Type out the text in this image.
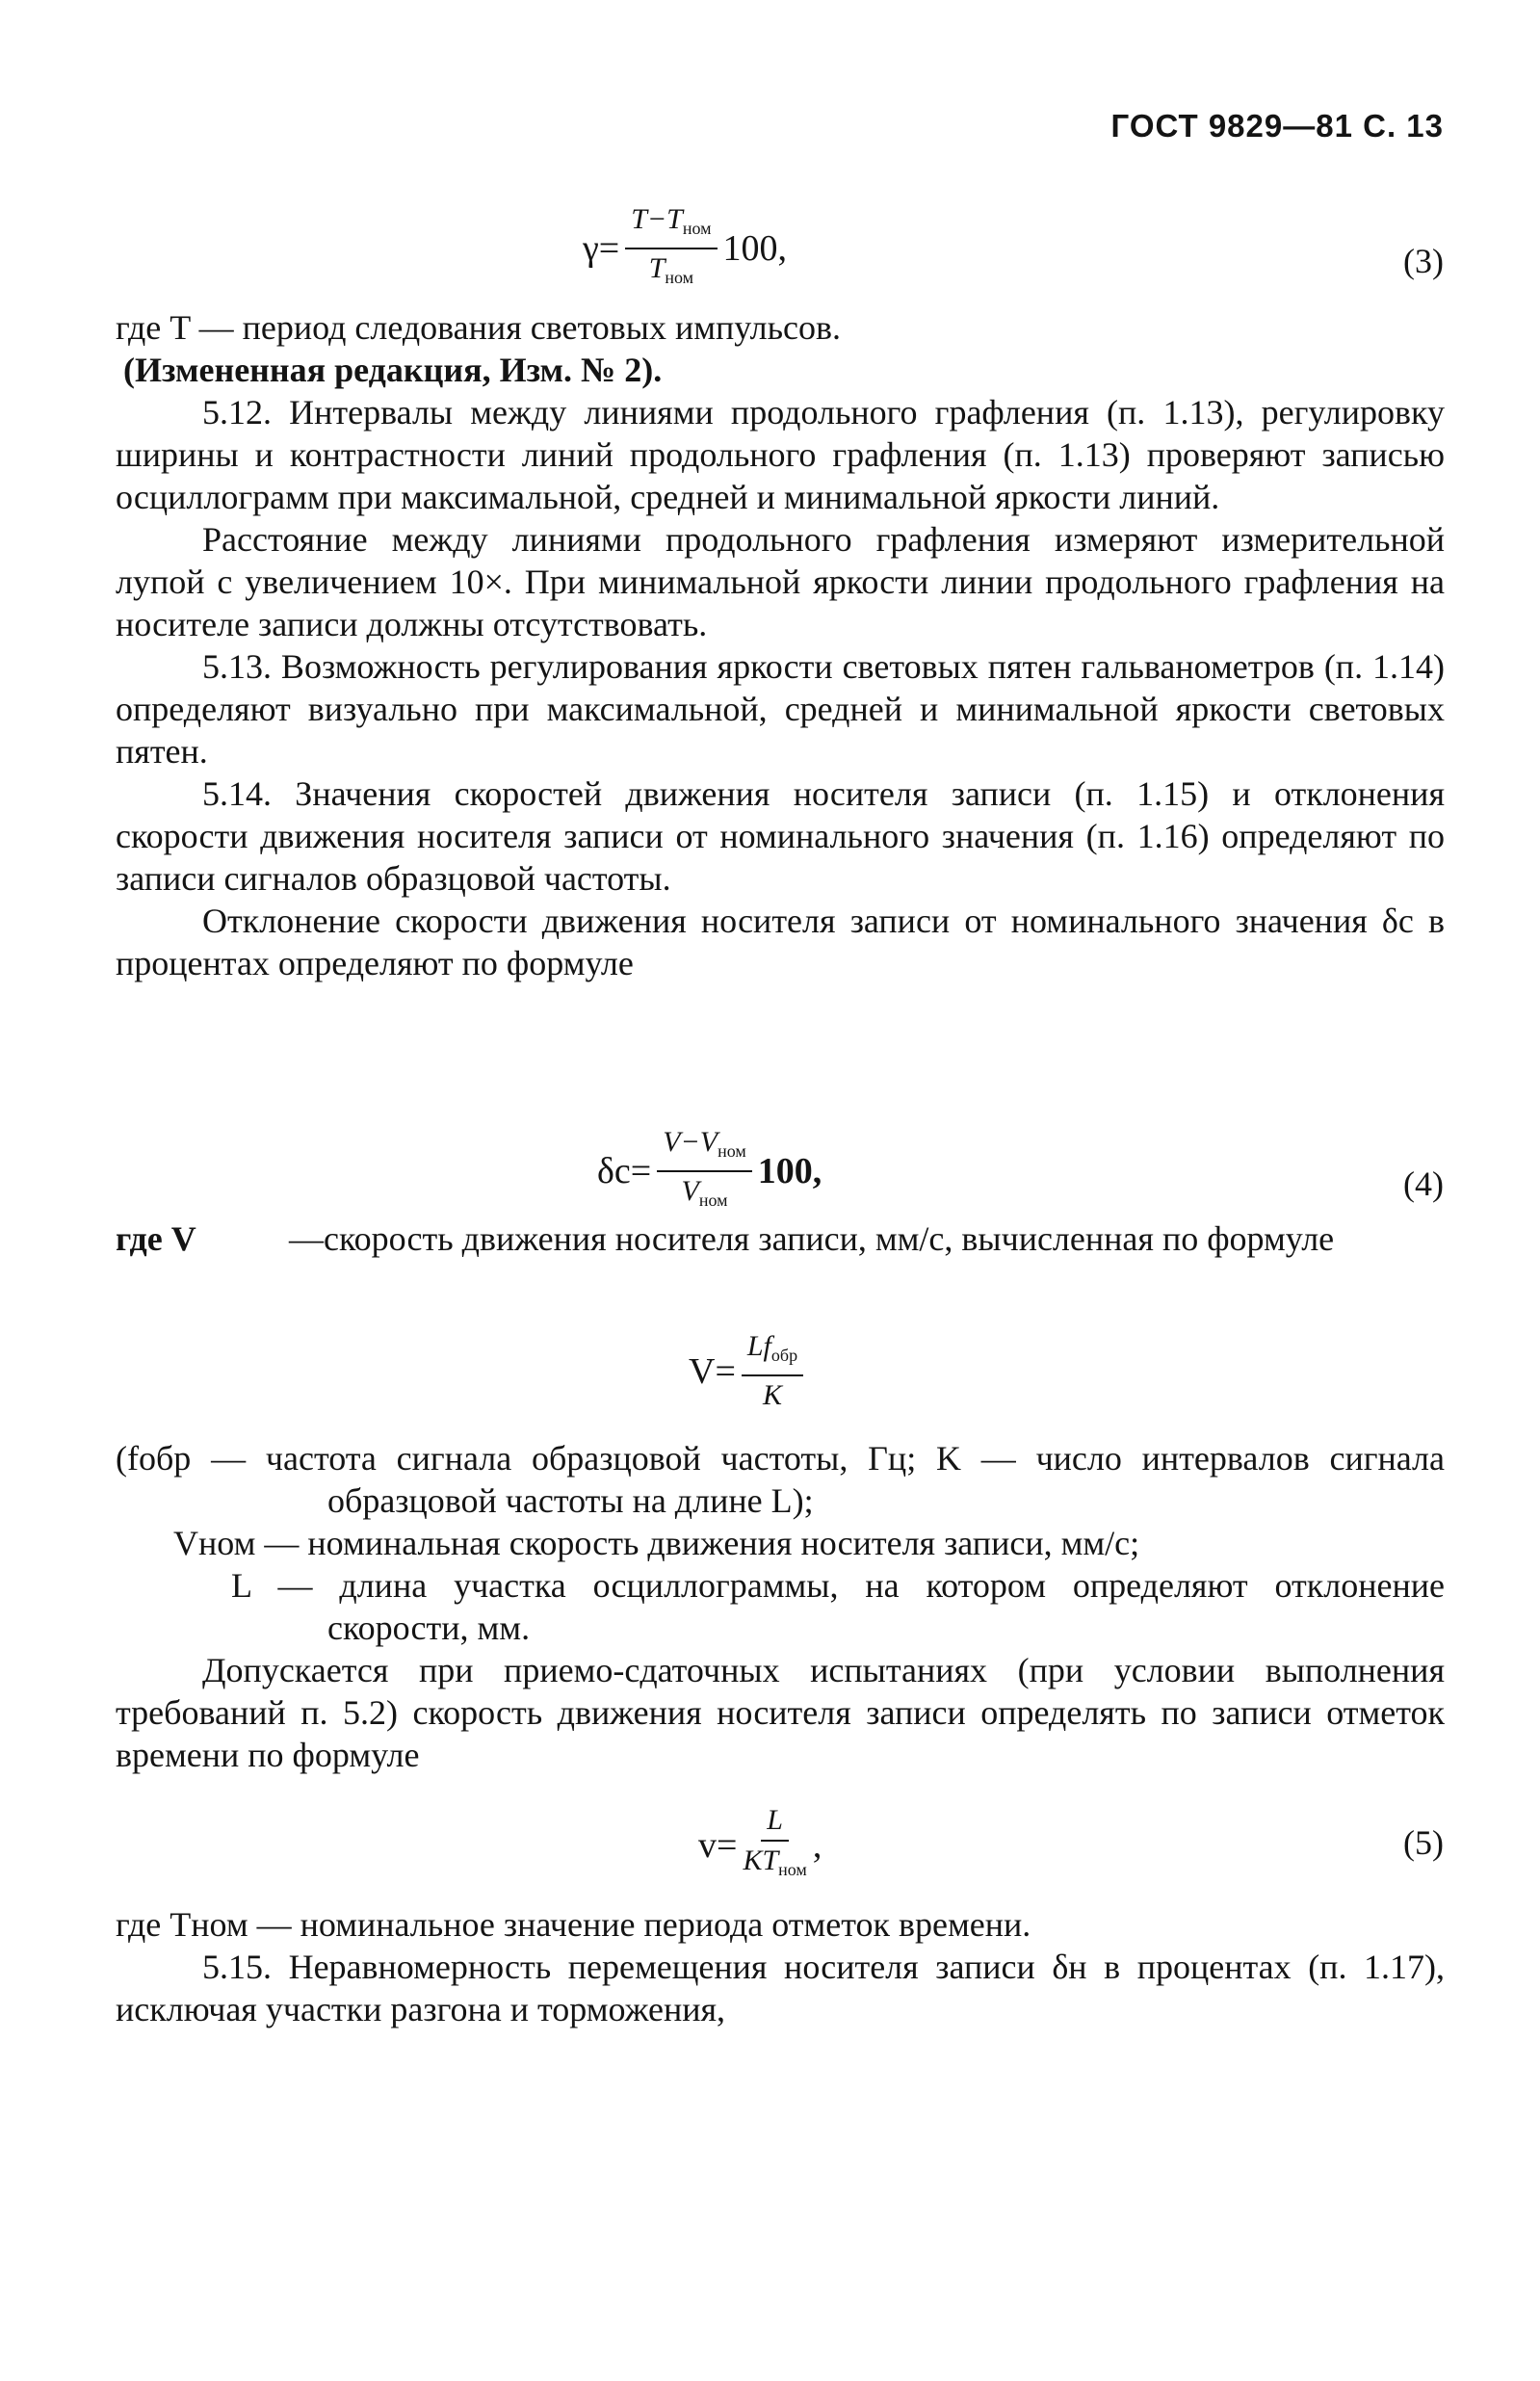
ГОСТ 9829—81 С. 13
$\gamma= \frac{T-T_{ном}}{T_{ном}} 100$,	(3)
где T — период следования световых импульсов.
(Измененная редакция, Изм. № 2).
5.12. Интервалы между линиями продольного графления (п. 1.13), регулировку ширины и контрастности линий продольного графления (п. 1.13) проверяют записью осциллограмм при максимальной, средней и минимальной яркости линий.
Расстояние между линиями продольного графления измеряют измерительной лупой с увеличением 10×. При минимальной яркости линии продольного графления на носителе записи должны отсутствовать.
5.13. Возможность регулирования яркости световых пятен гальванометров (п. 1.14) определяют визуально при максимальной, средней и минимальной яркости световых пятен.
5.14. Значения скоростей движения носителя записи (п. 1.15) и отклонения скорости движения носителя записи от номинального значения (п. 1.16) определяют по записи сигналов образцовой частоты.
Отклонение скорости движения носителя записи от номинального значения δс в процентах определяют по формуле
$\delta с= \frac{V-V_{ном}}{V_{ном}} 100$,	(4)
где V	—скорость движения носителя записи, мм/с, вычисленная по формуле
$V= \frac{Lf_{обр}}{K}$
(fобр — частота сигнала образцовой частоты, Гц; K — число интервалов сигнала образцовой частоты на длине L);
Vном — номинальная скорость движения носителя записи, мм/с;
L — длина участка осциллограммы, на котором определяют отклонение скорости, мм.
Допускается при приемо-сдаточных испытаниях (при условии выполнения требований п. 5.2) скорость движения носителя записи определять по записи отметок времени по формуле
$v= \frac{L}{KT_{ном}}$ ,	(5)
где Tном — номинальное значение периода отметок времени.
5.15. Неравномерность перемещения носителя записи δн в процентах (п. 1.17), исключая участки разгона и торможения,
